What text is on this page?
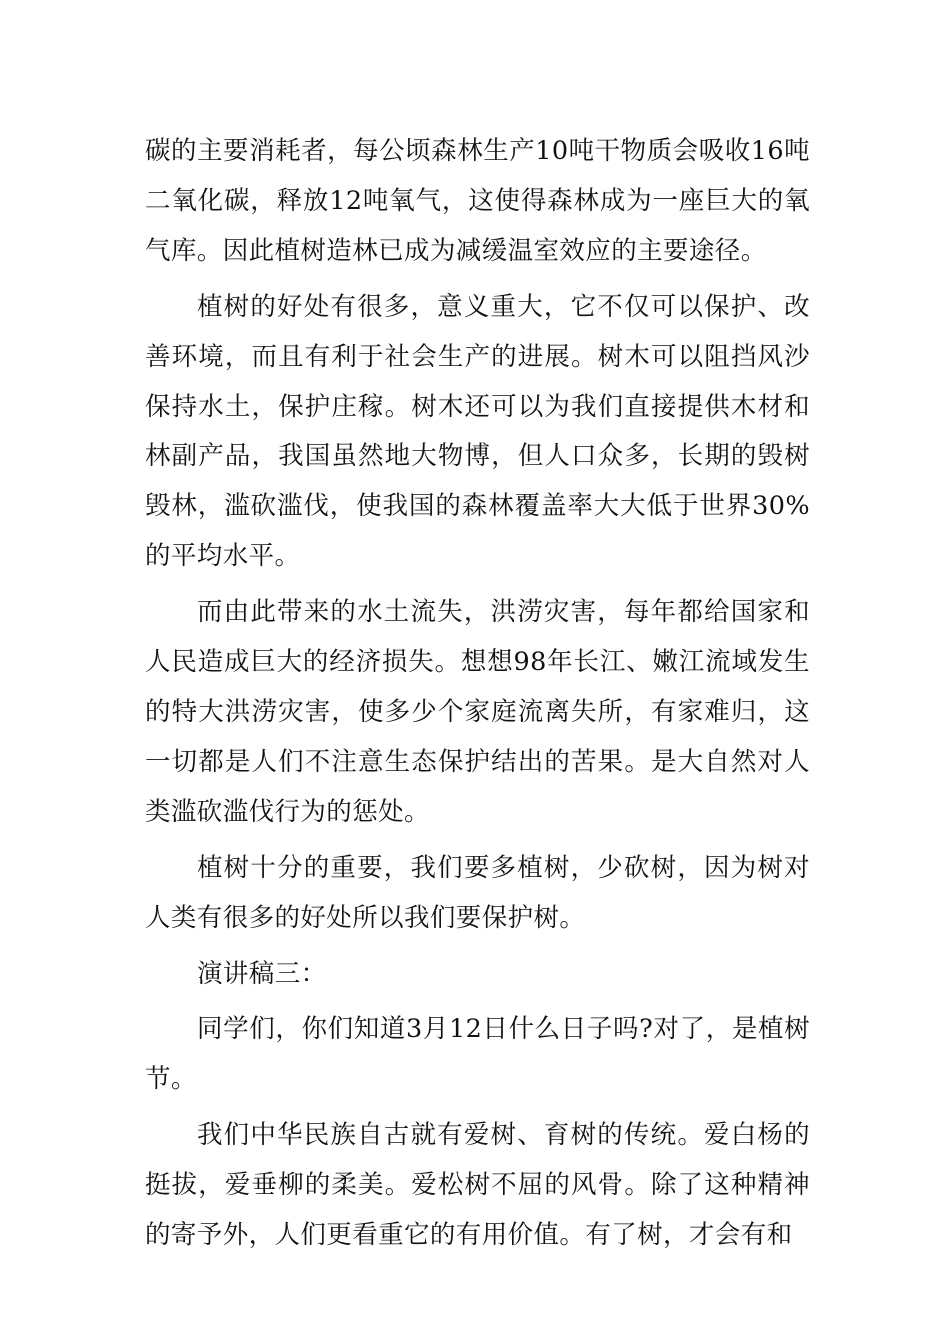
碳的主要消耗者，每公顷森林生产10吨干物质会吸收16吨二氧化碳，释放12吨氧气，这使得森林成为一座巨大的氧气库。因此植树造林已成为减缓温室效应的主要途径。

植树的好处有很多，意义重大，它不仅可以保护、改善环境，而且有利于社会生产的进展。树木可以阻挡风沙保持水土，保护庄稼。树木还可以为我们直接提供木材和林副产品，我国虽然地大物博，但人口众多，长期的毁树毁林，滥砍滥伐，使我国的森林覆盖率大大低于世界30%的平均水平。

而由此带来的水土流失，洪涝灾害，每年都给国家和人民造成巨大的经济损失。想想98年长江、嫩江流域发生的特大洪涝灾害，使多少个家庭流离失所，有家难归，这一切都是人们不注意生态保护结出的苦果。是大自然对人类滥砍滥伐行为的惩处。

植树十分的重要，我们要多植树，少砍树，因为树对人类有很多的好处所以我们要保护树。

演讲稿三：

同学们，你们知道3月12日什么日子吗?对了，是植树节。

我们中华民族自古就有爱树、育树的传统。爱白杨的挺拔，爱垂柳的柔美。爱松树不屈的风骨。除了这种精神的寄予外，人们更看重它的有用价值。有了树，才会有和
